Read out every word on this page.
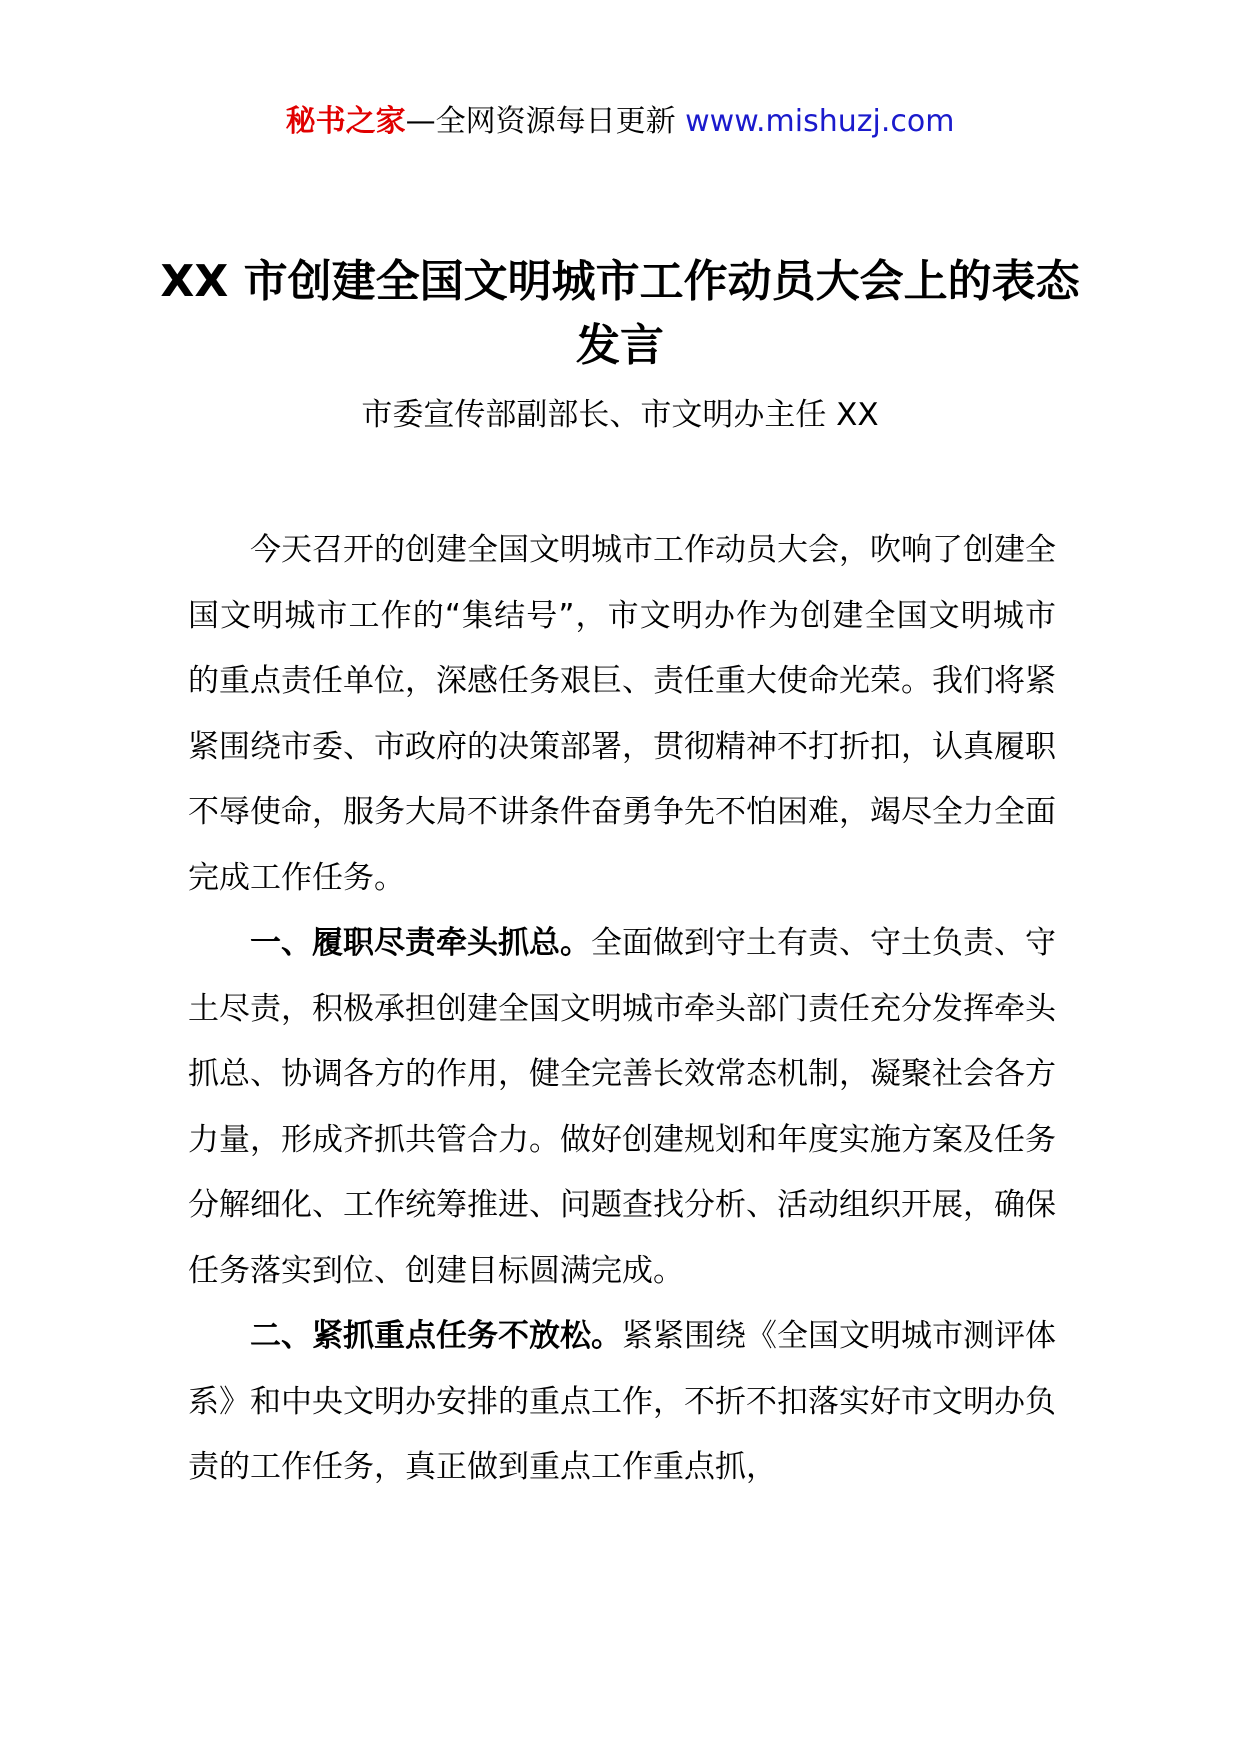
秘书之家—全网资源每日更新 www.mishuzj.com
XX 市创建全国文明城市工作动员大会上的表态发言

市委宣传部副部长、市文明办主任 XX

今天召开的创建全国文明城市工作动员大会，吹响了创建全国文明城市工作的“集结号”，市文明办作为创建全国文明城市的重点责任单位，深感任务艰巨、责任重大使命光荣。我们将紧紧围绕市委、市政府的决策部署，贯彻精神不打折扣，认真履职不辱使命，服务大局不讲条件奋勇争先不怕困难，竭尽全力全面完成工作任务。

一、履职尽责牵头抓总。全面做到守土有责、守土负责、守土尽责，积极承担创建全国文明城市牵头部门责任充分发挥牵头抓总、协调各方的作用，健全完善长效常态机制，凝聚社会各方力量，形成齐抓共管合力。做好创建规划和年度实施方案及任务分解细化、工作统筹推进、问题查找分析、活动组织开展，确保任务落实到位、创建目标圆满完成。

二、紧抓重点任务不放松。紧紧围绕《全国文明城市测评体系》和中央文明办安排的重点工作，不折不扣落实好市文明办负责的工作任务，真正做到重点工作重点抓，
